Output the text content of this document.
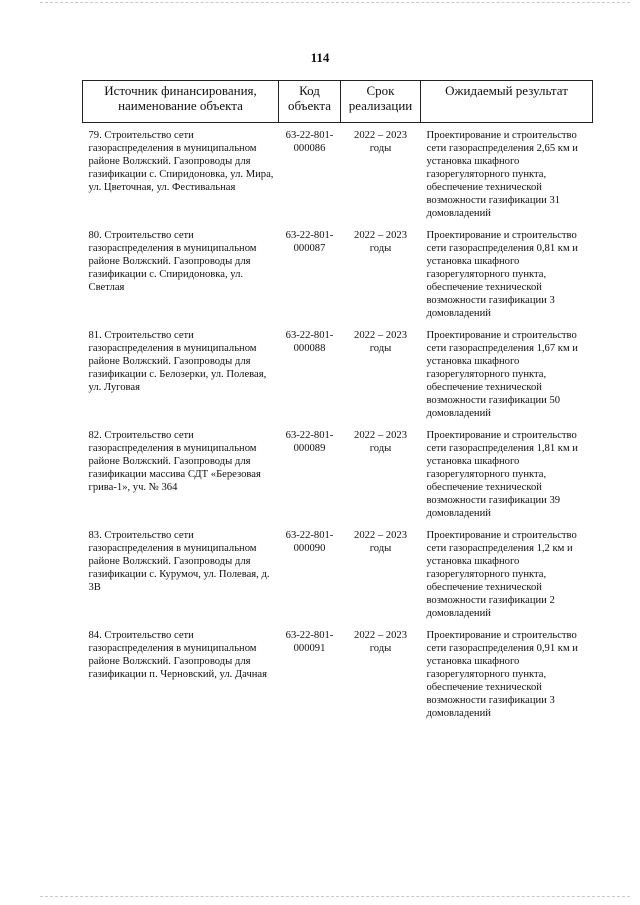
114
Источник финансирования, наименование объекта	Код объекта	Срок реализации	Ожидаемый результат
79. Строительство сети газораспределения в муниципальном районе Волжский. Газопроводы для газификации с. Спиридоновка, ул. Мира, ул. Цветочная, ул. Фестивальная	63-22-801-000086	2022 – 2023 годы	Проектирование и строительство сети газораспределения 2,65 км и установка шкафного газорегуляторного пункта, обеспечение технической возможности газификации 31 домовладений
80. Строительство сети газораспределения в муниципальном районе Волжский. Газопроводы для газификации с. Спиридоновка, ул. Светлая	63-22-801-000087	2022 – 2023 годы	Проектирование и строительство сети газораспределения 0,81 км и установка шкафного газорегуляторного пункта, обеспечение технической возможности газификации 3 домовладений
81. Строительство сети газораспределения в муниципальном районе Волжский. Газопроводы для газификации с. Белозерки, ул. Полевая, ул. Луговая	63-22-801-000088	2022 – 2023 годы	Проектирование и строительство сети газораспределения 1,67 км и установка шкафного газорегуляторного пункта, обеспечение технической возможности газификации 50 домовладений
82. Строительство сети газораспределения в муниципальном районе Волжский. Газопроводы для газификации массива СДТ «Березовая грива-1», уч. № 364	63-22-801-000089	2022 – 2023 годы	Проектирование и строительство сети газораспределения 1,81 км и установка шкафного газорегуляторного пункта, обеспечение технической возможности газификации 39 домовладений
83. Строительство сети газораспределения в муниципальном районе Волжский. Газопроводы для газификации с. Курумоч, ул. Полевая, д. 3В	63-22-801-000090	2022 – 2023 годы	Проектирование и строительство сети газораспределения 1,2 км и установка шкафного газорегуляторного пункта, обеспечение технической возможности газификации 2 домовладений
84. Строительство сети газораспределения в муниципальном районе Волжский. Газопроводы для газификации п. Черновский, ул. Дачная	63-22-801-000091	2022 – 2023 годы	Проектирование и строительство сети газораспределения 0,91 км и установка шкафного газорегуляторного пункта, обеспечение технической возможности газификации 3 домовладений
